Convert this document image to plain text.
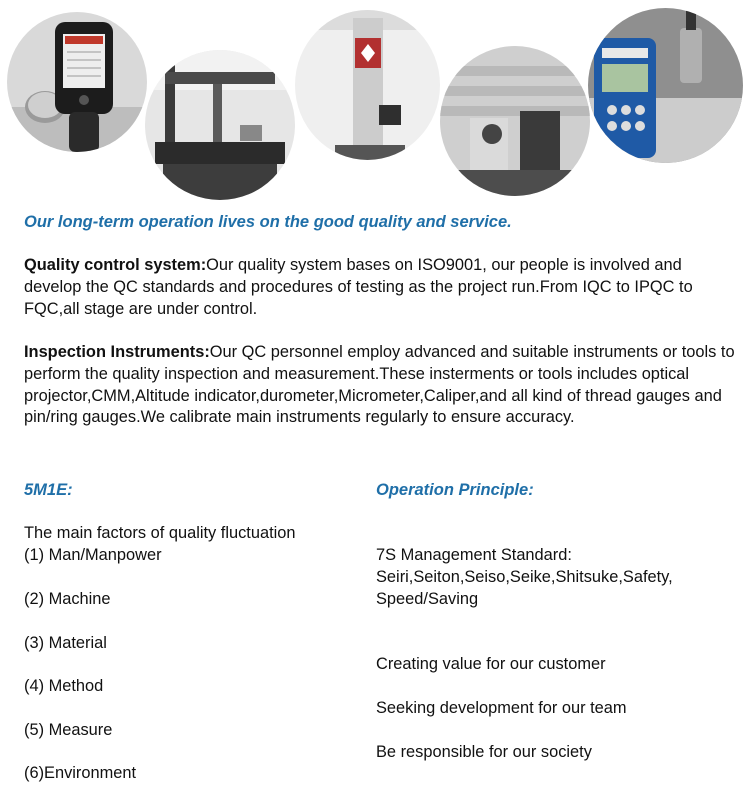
Our long-term operation lives on the good quality and service.
Quality control system:Our quality system bases on ISO9001, our people is involved and develop the QC standards and procedures of testing as the project run.From IQC to IPQC to FQC,all stage are under control.
Inspection Instruments:Our QC personnel employ advanced and suitable instruments or tools to perform the quality inspection and measurement.These insterments or tools includes optical projector,CMM,Altitude indicator,durometer,Micrometer,Caliper,and all kind of thread gauges and pin/ring gauges.We calibrate main instruments regularly to ensure accuracy.
5M1E:
The main factors of quality fluctuation
(1) Man/Manpower
(2) Machine
(3) Material
(4) Method
(5) Measure
(6)Environment
Operation Principle:
7S Management Standard:
Seiri,Seiton,Seiso,Seike,Shitsuke,Safety,
Speed/Saving
Creating value for our customer
Seeking development for our team
Be responsible for our society
